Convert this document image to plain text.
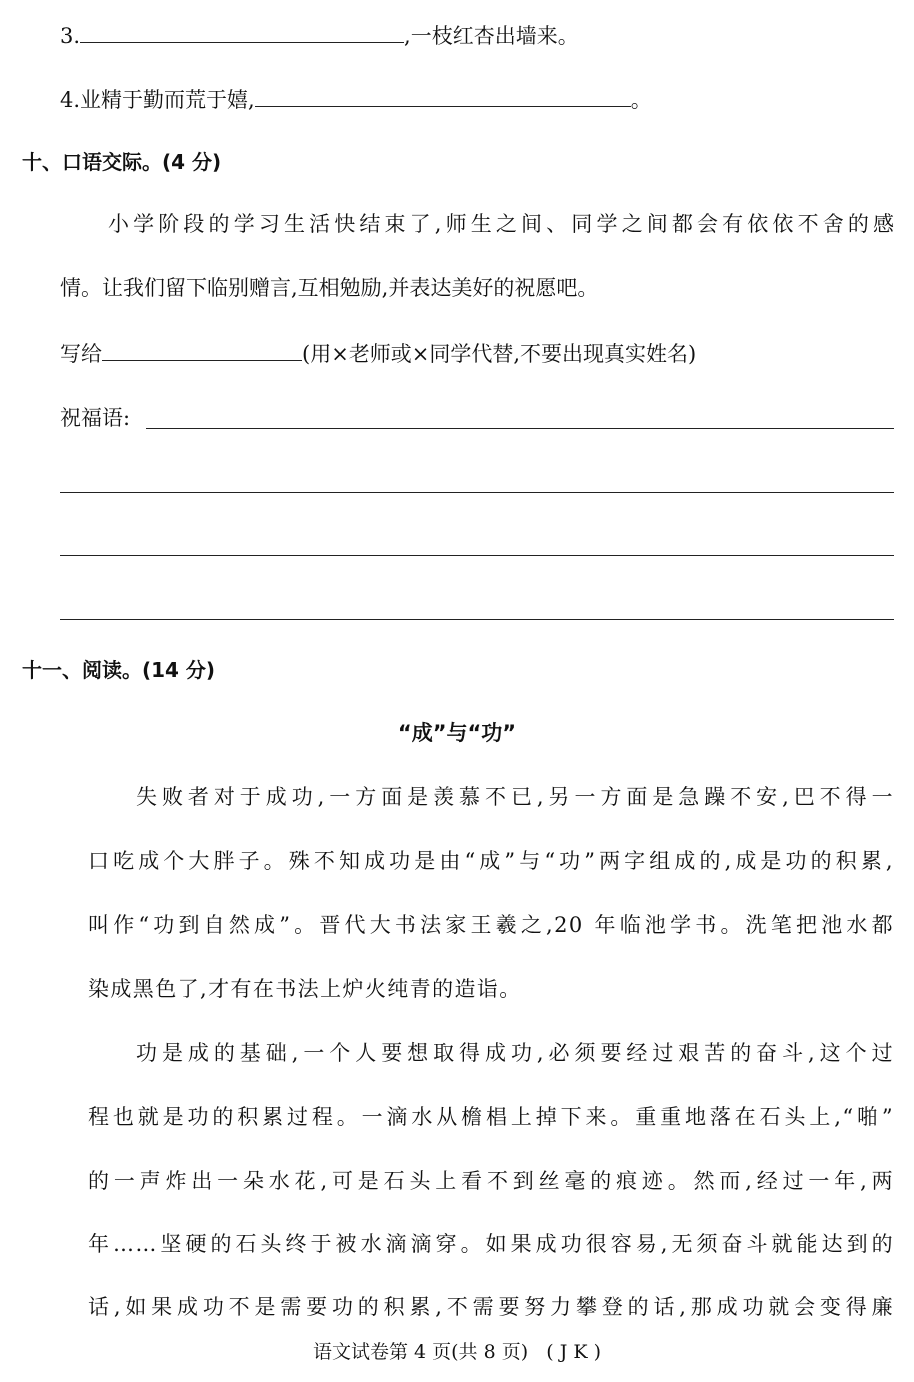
3.	,一枝红杏出墙来。
4.业精于勤而荒于嬉,	。
十、口语交际。(4 分)
小学阶段的学习生活快结束了,师生之间、同学之间都会有依依不舍的感
情。让我们留下临别赠言,互相勉励,并表达美好的祝愿吧。
写给	(用×老师或×同学代替,不要出现真实姓名)
祝福语:
十一、阅读。(14 分)
“成”与“功”
失败者对于成功,一方面是羡慕不已,另一方面是急躁不安,巴不得一
口吃成个大胖子。殊不知成功是由“成”与“功”两字组成的,成是功的积累,
叫作“功到自然成”。晋代大书法家王羲之,20 年临池学书。洗笔把池水都
染成黑色了,才有在书法上炉火纯青的造诣。
功是成的基础,一个人要想取得成功,必须要经过艰苦的奋斗,这个过
程也就是功的积累过程。一滴水从檐椙上掉下来。重重地落在石头上,“啪”
的一声炸出一朵水花,可是石头上看不到丝毫的痕迹。然而,经过一年,两
年……坚硬的石头终于被水滴滴穿。如果成功很容易,无须奋斗就能达到的
话,如果成功不是需要功的积累,不需要努力攀登的话,那成功就会变得廉
语文试卷第 4 页(共 8 页)   ( J K )
